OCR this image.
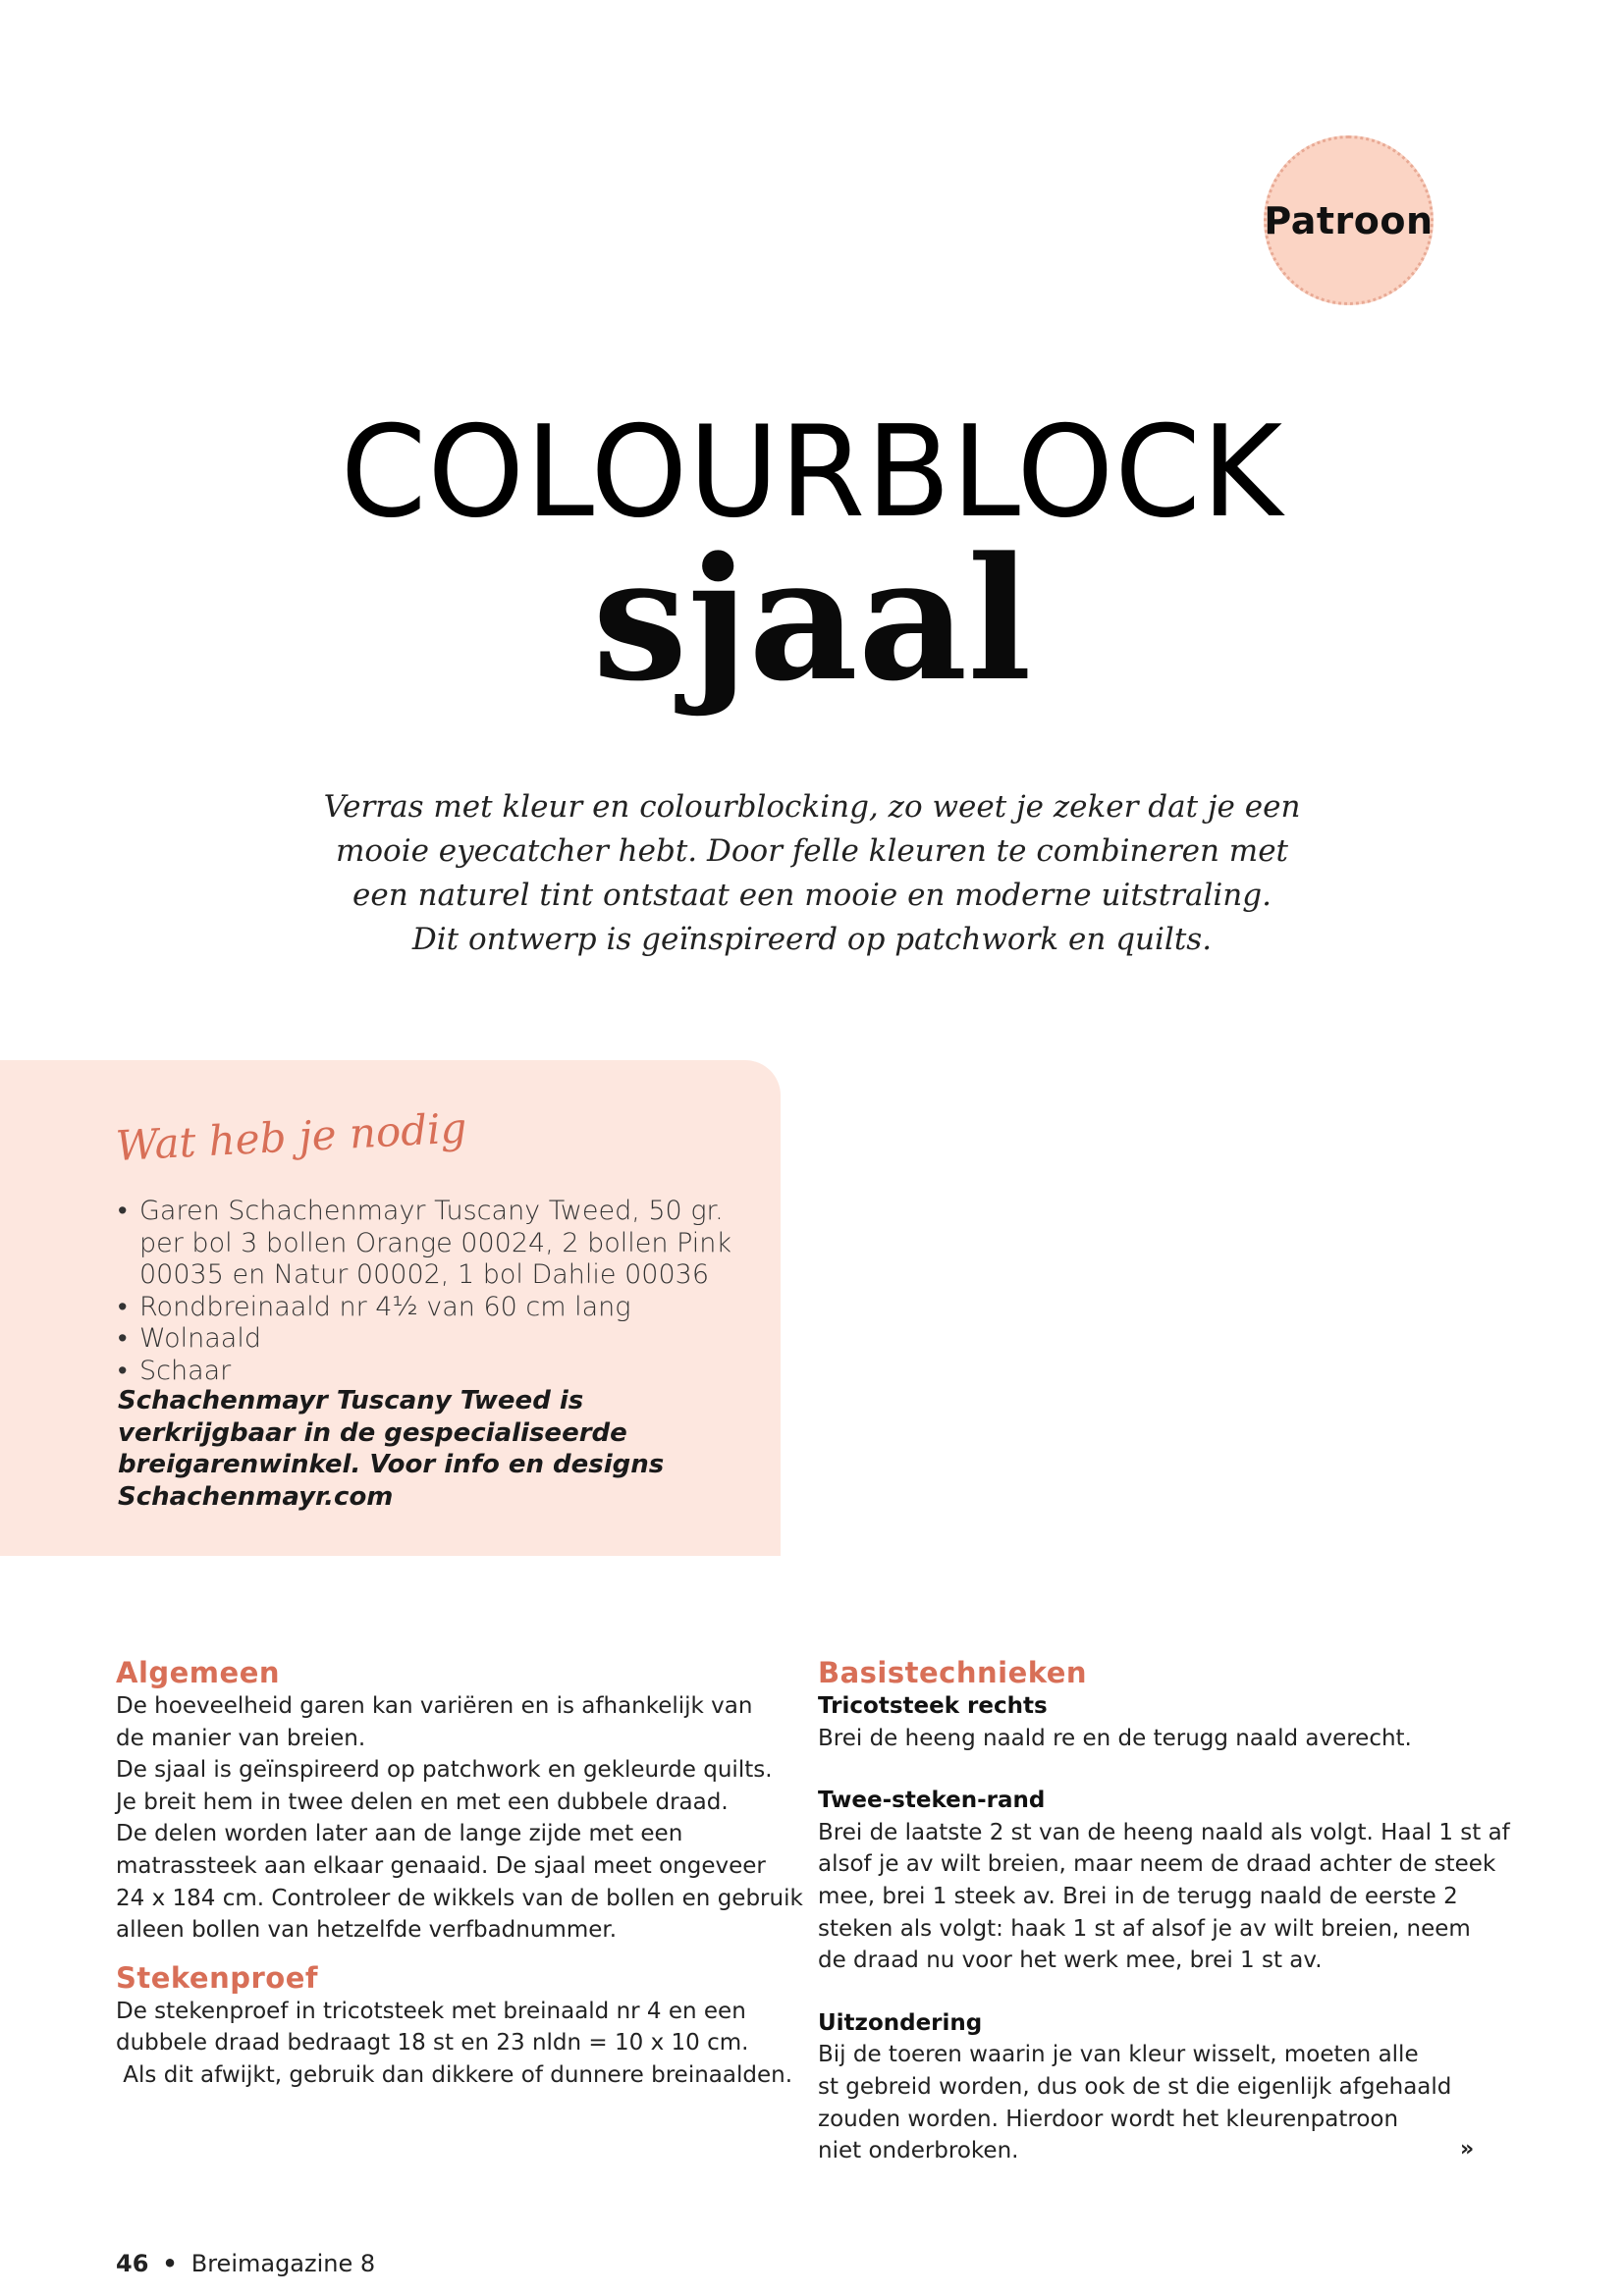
Patroon
COLOURBLOCK
sjaal
Verras met kleur en colourblocking, zo weet je zeker dat je een
mooie eyecatcher hebt. Door felle kleuren te combineren met
een naturel tint ontstaat een mooie en moderne uitstraling.
Dit ontwerp is geïnspireerd op patchwork en quilts.
Wat heb je nodig
• Garen Schachenmayr Tuscany Tweed, 50 gr.
per bol 3 bollen Orange 00024, 2 bollen Pink
00035 en Natur 00002, 1 bol Dahlie 00036
• Rondbreinaald nr 4½ van 60 cm lang
• Wolnaald
• Schaar
Schachenmayr Tuscany Tweed is
verkrijgbaar in de gespecialiseerde
breigarenwinkel. Voor info en designs
Schachenmayr.com
Algemeen
De hoeveelheid garen kan variëren en is afhankelijk van
de manier van breien.
De sjaal is geïnspireerd op patchwork en gekleurde quilts.
Je breit hem in twee delen en met een dubbele draad.
De delen worden later aan de lange zijde met een
matrassteek aan elkaar genaaid. De sjaal meet ongeveer
24 x 184 cm. Controleer de wikkels van de bollen en gebruik
alleen bollen van hetzelfde verfbadnummer.
Stekenproef
De stekenproef in tricotsteek met breinaald nr 4 en een
dubbele draad bedraagt 18 st en 23 nldn = 10 x 10 cm.
Als dit afwijkt, gebruik dan dikkere of dunnere breinaalden.
Basistechnieken
Tricotsteek rechts
Brei de heeng naald re en de terugg naald averecht.
Twee-steken-rand
Brei de laatste 2 st van de heeng naald als volgt. Haal 1 st af
alsof je av wilt breien, maar neem de draad achter de steek
mee, brei 1 steek av. Brei in de terugg naald de eerste 2
steken als volgt: haak 1 st af alsof je av wilt breien, neem
de draad nu voor het werk mee, brei 1 st av.
Uitzondering
Bij de toeren waarin je van kleur wisselt, moeten alle
st gebreid worden, dus ook de st die eigenlijk afgehaald
zouden worden. Hierdoor wordt het kleurenpatroon
niet onderbroken.	»
46 • Breimagazine 8
